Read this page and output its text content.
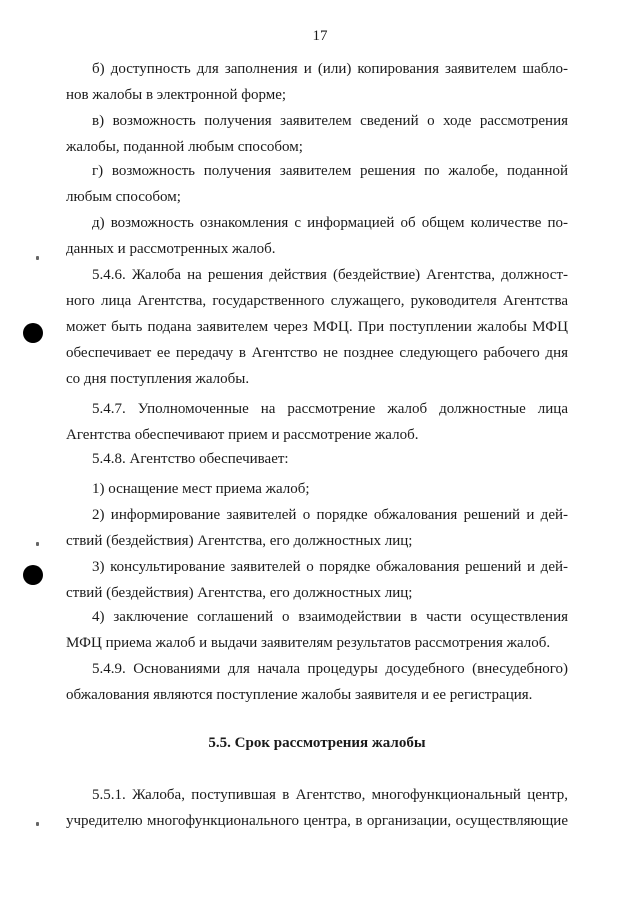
17
б) доступность для заполнения и (или) копирования заявителем шабло-
нов жалобы в электронной форме;
в) возможность получения заявителем сведений о ходе рассмотрения
жалобы, поданной любым способом;
г) возможность получения заявителем решения по жалобе, поданной
любым способом;
д) возможность ознакомления с информацией об общем количестве по-
данных и рассмотренных жалоб.
5.4.6. Жалоба на решения действия (бездействие) Агентства, должност-
ного лица Агентства, государственного служащего, руководителя Агентства
может быть подана заявителем через МФЦ. При поступлении жалобы МФЦ
обеспечивает ее передачу в Агентство не позднее следующего рабочего дня
со дня поступления жалобы.
5.4.7. Уполномоченные на рассмотрение жалоб должностные лица
Агентства обеспечивают прием и рассмотрение жалоб.
5.4.8. Агентство обеспечивает:
1) оснащение мест приема жалоб;
2) информирование заявителей о порядке обжалования решений и дей-
ствий (бездействия) Агентства, его должностных лиц;
3) консультирование заявителей о порядке обжалования решений и дей-
ствий (бездействия) Агентства, его должностных лиц;
4) заключение соглашений о взаимодействии в части осуществления
МФЦ приема жалоб и выдачи заявителям результатов рассмотрения жалоб.
5.4.9. Основаниями для начала процедуры досудебного (внесудебного)
обжалования являются поступление жалобы заявителя и ее регистрация.
5.5. Срок рассмотрения жалобы
5.5.1. Жалоба, поступившая в Агентство, многофункциональный центр,
учредителю многофункционального центра, в организации, осуществляющие
